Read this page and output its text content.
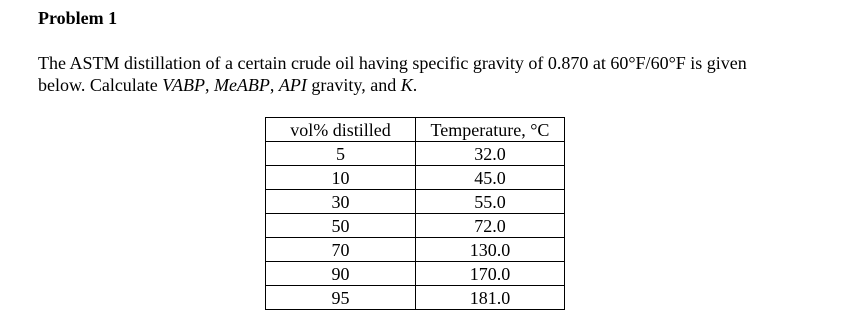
Problem 1
The ASTM distillation of a certain crude oil having specific gravity of 0.870 at 60°F/60°F is given
below. Calculate VABP, MeABP, API gravity, and K.
vol% distilled	Temperature, °C
5	32.0
10	45.0
30	55.0
50	72.0
70	130.0
90	170.0
95	181.0
